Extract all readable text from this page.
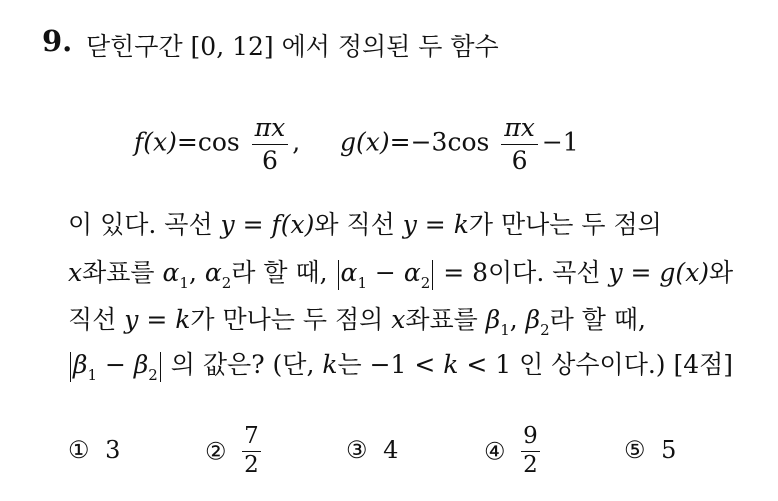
9. 닫힌구간 [0, 12] 에서 정의된 두 함수
$f(x)=\cos \frac{\pi x}{6}$ , $g(x)=-3\cos \frac{\pi x}{6} -1$
이 있다. 곡선 y = f(x)와 직선 y = k가 만나는 두 점의
x좌표를 $\alpha_1$, $\alpha_2$라 할 때, $\alpha_1 - \alpha_2 = 8$이다. 곡선 y = g(x)와
직선 y = k가 만나는 두 점의 x좌표를 $\beta_1$, $\beta_2$라 할 때,
$\beta_1 - \beta_2$ 의 값은? (단, k는 −1 < k < 1 인 상수이다.) [4점]
① 3	② $\frac{7}{2}$	③ 4	④ $\frac{9}{2}$	⑤ 5
